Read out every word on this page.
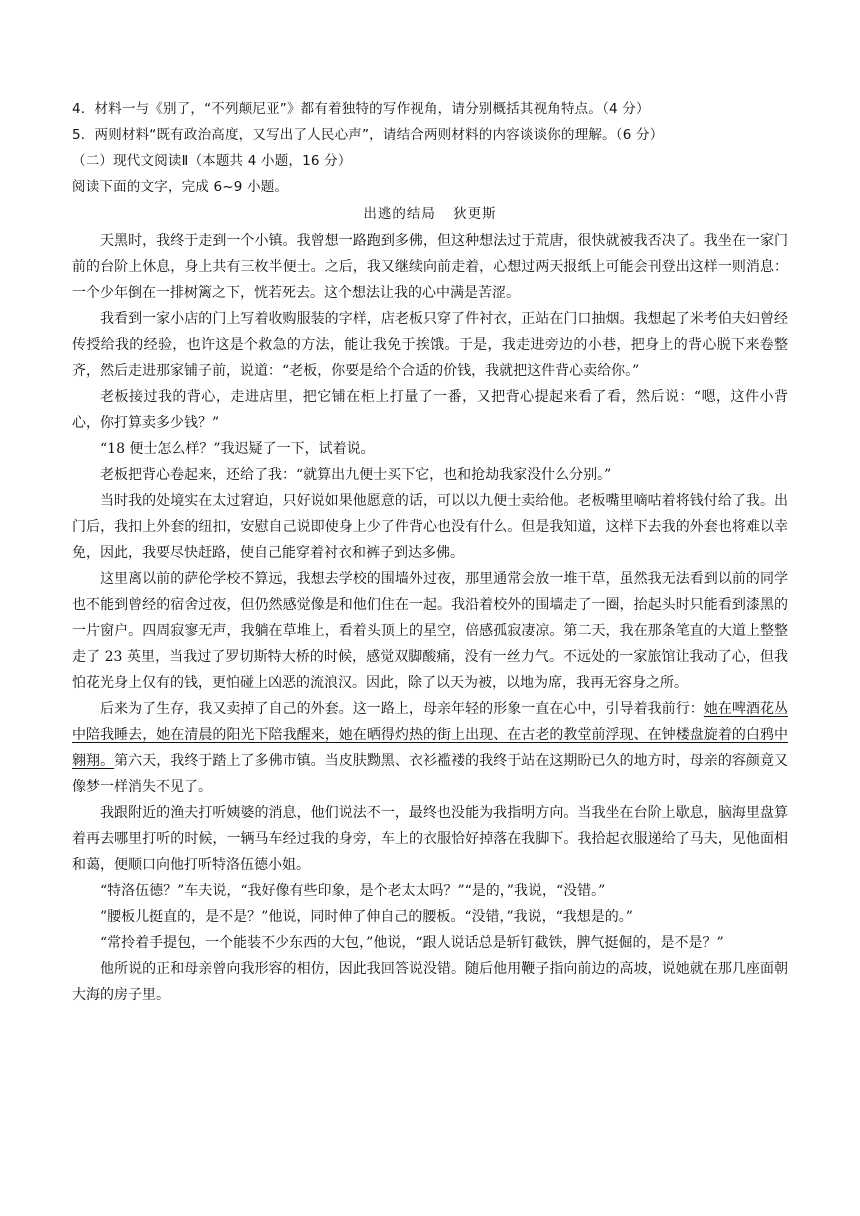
4．材料一与《别了，“不列颠尼亚”》都有着独特的写作视角，请分别概括其视角特点。（4 分）
5．两则材料“既有政治高度，又写出了人民心声”，请结合两则材料的内容谈谈你的理解。（6 分）
（二）现代文阅读Ⅱ（本题共 4 小题，16 分）
阅读下面的文字，完成 6~9 小题。
出逃的结局 狄更斯
天黑时，我终于走到一个小镇。我曾想一路跑到多佛，但这种想法过于荒唐，很快就被我否决了。我坐在一家门前的台阶上休息，身上共有三枚半便士。之后，我又继续向前走着，心想过两天报纸上可能会刊登出这样一则消息：一个少年倒在一排树篱之下，恍若死去。这个想法让我的心中满是苦涩。
我看到一家小店的门上写着收购服装的字样，店老板只穿了件衬衣，正站在门口抽烟。我想起了米考伯夫妇曾经传授给我的经验，也许这是个救急的方法，能让我免于挨饿。于是，我走进旁边的小巷，把身上的背心脱下来卷整齐，然后走进那家铺子前，说道：“老板，你要是给个合适的价钱，我就把这件背心卖给你。”
老板接过我的背心，走进店里，把它铺在柜上打量了一番，又把背心提起来看了看，然后说：“嗯，这件小背心，你打算卖多少钱？”
“18 便士怎么样？”我迟疑了一下，试着说。
老板把背心卷起来，还给了我：“就算出九便士买下它，也和抢劫我家没什么分别。”
当时我的处境实在太过窘迫，只好说如果他愿意的话，可以以九便士卖给他。老板嘴里嘀咕着将钱付给了我。出门后，我扣上外套的纽扣，安慰自己说即使身上少了件背心也没有什么。但是我知道，这样下去我的外套也将难以幸免，因此，我要尽快赶路，使自己能穿着衬衣和裤子到达多佛。
这里离以前的萨伦学校不算远，我想去学校的围墙外过夜，那里通常会放一堆干草，虽然我无法看到以前的同学也不能到曾经的宿舍过夜，但仍然感觉像是和他们住在一起。我沿着校外的围墙走了一圈，抬起头时只能看到漆黑的一片窗户。四周寂寥无声，我躺在草堆上，看着头顶上的星空，倍感孤寂凄凉。第二天，我在那条笔直的大道上整整走了 23 英里，当我过了罗切斯特大桥的时候，感觉双脚酸痛，没有一丝力气。不远处的一家旅馆让我动了心，但我怕花光身上仅有的钱，更怕碰上凶恶的流浪汉。因此，除了以天为被，以地为席，我再无容身之所。
后来为了生存，我又卖掉了自己的外套。这一路上，母亲年轻的形象一直在心中，引导着我前行：她在啤酒花丛中陪我睡去，她在清晨的阳光下陪我醒来，她在晒得灼热的街上出现、在古老的教堂前浮现、在钟楼盘旋着的白鸦中翱翔。第六天，我终于踏上了多佛市镇。当皮肤黝黑、衣衫褴褛的我终于站在这期盼已久的地方时，母亲的容颜竟又像梦一样消失不见了。
我跟附近的渔夫打听姨婆的消息，他们说法不一，最终也没能为我指明方向。当我坐在台阶上歇息，脑海里盘算着再去哪里打听的时候，一辆马车经过我的身旁，车上的衣服恰好掉落在我脚下。我拾起衣服递给了马夫，见他面相和蔼，便顺口向他打听特洛伍德小姐。
“特洛伍德？”车夫说，“我好像有些印象，是个老太太吗？”“是的，”我说，“没错。”
”腰板儿挺直的，是不是？”他说，同时伸了伸自己的腰板。“没错，”我说，“我想是的。”
“常拎着手提包，一个能装不少东西的大包，”他说，“跟人说话总是斩钉截铁，脾气挺倔的，是不是？”
他所说的正和母亲曾向我形容的相仿，因此我回答说没错。随后他用鞭子指向前边的高坡，说她就在那几座面朝大海的房子里。
